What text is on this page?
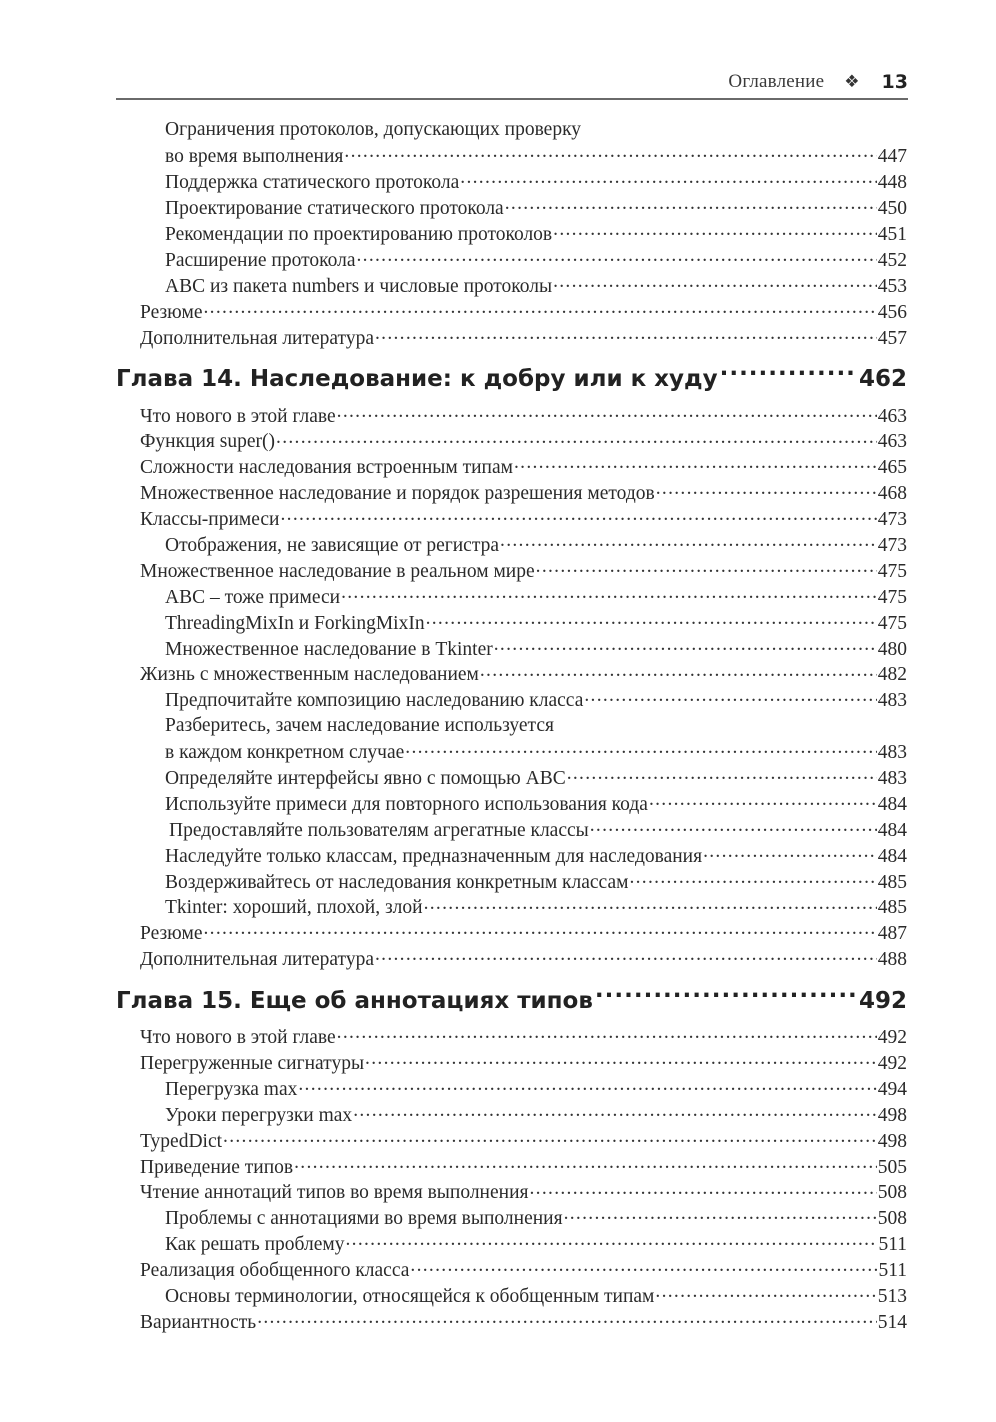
Оглавление ❖ 13
Ограничения протоколов, допускающих проверку
во время выполнения .....	447
Поддержка статического протокола .....	448
Проектирование статического протокола .....	450
Рекомендации по проектированию протоколов .....	451
Расширение протокола .....	452
ABC из пакета numbers и числовые протоколы .....	453
Резюме .....	456
Дополнительная литература .....	457
Глава 14. Наследование: к добру или к худу .....	462
Что нового в этой главе .....	463
Функция super() .....	463
Сложности наследования встроенным типам .....	465
Множественное наследование и порядок разрешения методов .....	468
Классы-примеси .....	473
Отображения, не зависящие от регистра .....	473
Множественное наследование в реальном мире .....	475
ABC – тоже примеси .....	475
ThreadingMixIn и ForkingMixIn .....	475
Множественное наследование в Tkinter .....	480
Жизнь с множественным наследованием .....	482
Предпочитайте композицию наследованию класса .....	483
Разберитесь, зачем наследование используется
в каждом конкретном случае .....	483
Определяйте интерфейсы явно с помощью ABC .....	483
Используйте примеси для повторного использования кода .....	484
Предоставляйте пользователям агрегатные классы .....	484
Наследуйте только классам, предназначенным для наследования .....	484
Воздерживайтесь от наследования конкретным классам .....	485
Tkinter: хороший, плохой, злой .....	485
Резюме .....	487
Дополнительная литература .....	488
Глава 15. Еще об аннотациях типов .....	492
Что нового в этой главе .....	492
Перегруженные сигнатуры .....	492
Перегрузка max .....	494
Уроки перегрузки max .....	498
TypedDict .....	498
Приведение типов .....	505
Чтение аннотаций типов во время выполнения .....	508
Проблемы с аннотациями во время выполнения .....	508
Как решать проблему .....	511
Реализация обобщенного класса .....	511
Основы терминологии, относящейся к обобщенным типам .....	513
Вариантность .....	514
